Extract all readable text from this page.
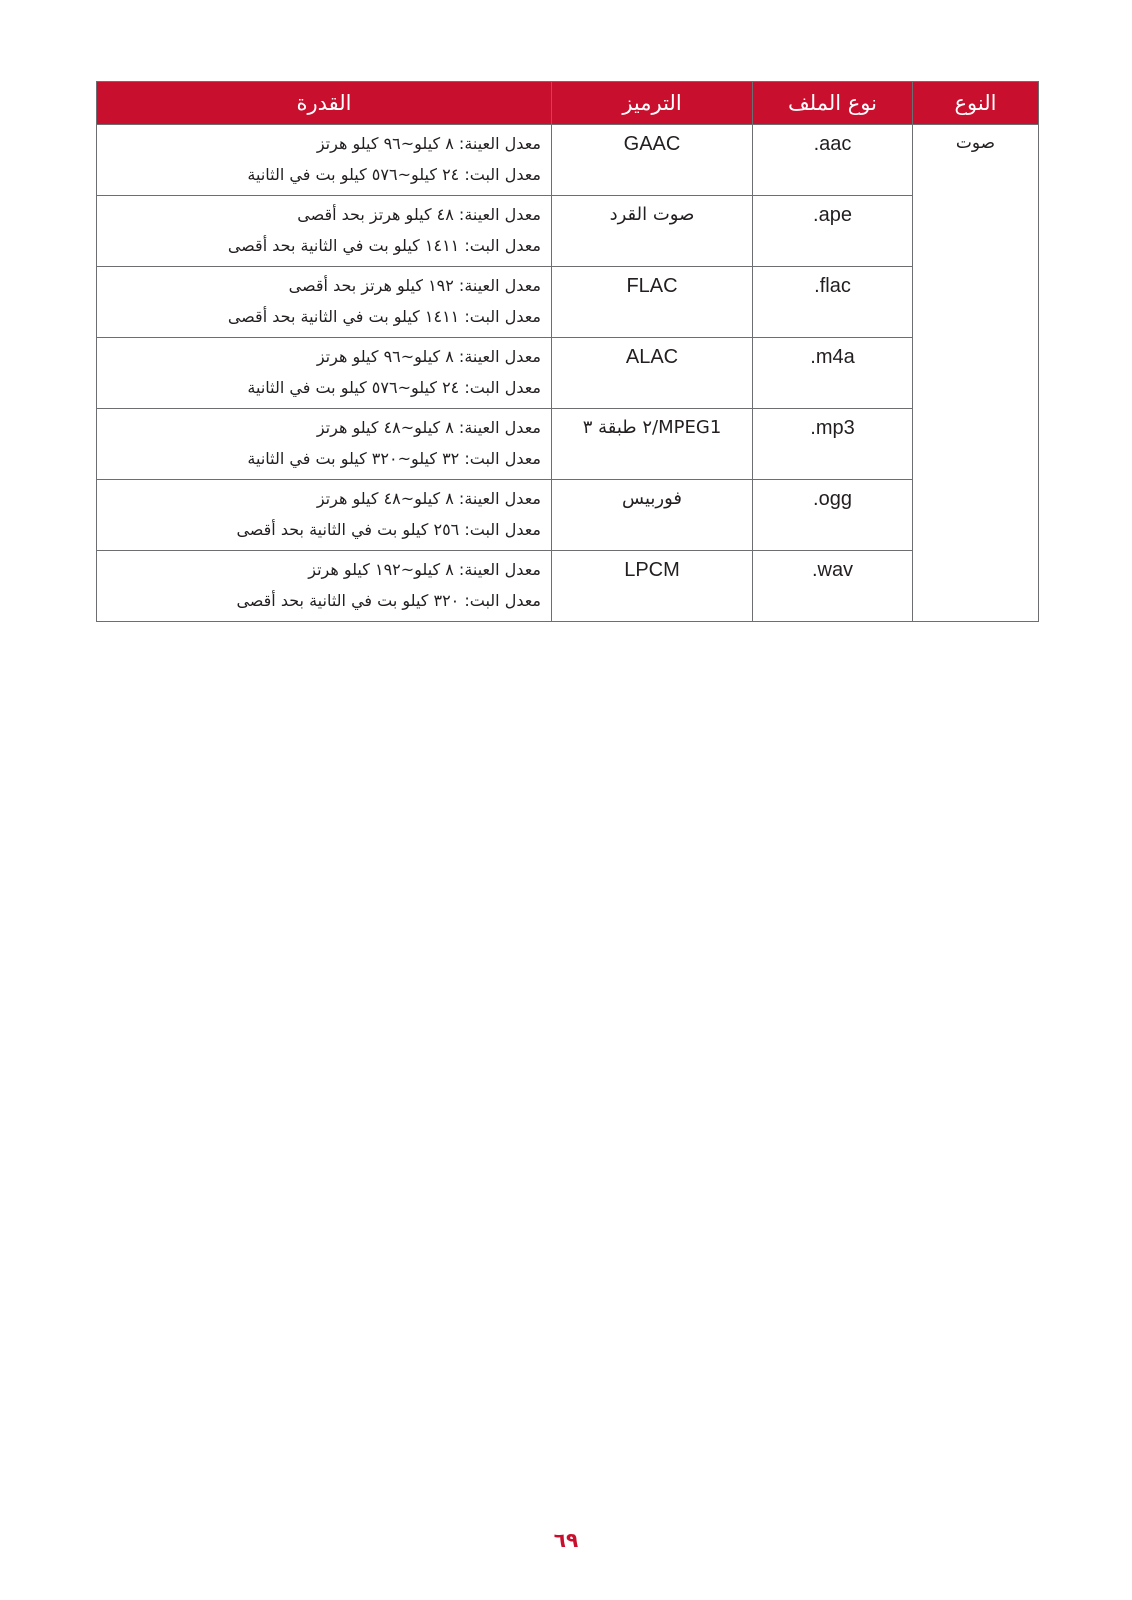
النوع	نوع الملف	الترميز	القدرة
صوت	.aac	GAAC	معدل العينة: ٨ كيلو~٩٦ كيلو هرتز
معدل البت: ٢٤ كيلو~٥٧٦ كيلو بت في الثانية

	.ape	صوت القرد	معدل العينة: ٤٨ كيلو هرتز بحد أقصى
معدل البت: ١٤١١ كيلو بت في الثانية بحد أقصى

	.flac	FLAC	معدل العينة: ١٩٢ كيلو هرتز بحد أقصى
معدل البت: ١٤١١ كيلو بت في الثانية بحد أقصى

	.m4a	ALAC	معدل العينة: ٨ كيلو~٩٦ كيلو هرتز
معدل البت: ٢٤ كيلو~٥٧٦ كيلو بت في الثانية

	.mp3	MPEG1/٢ طبقة ٣	معدل العينة: ٨ كيلو~٤٨ كيلو هرتز
معدل البت: ٣٢ كيلو~٣٢٠ كيلو بت في الثانية

	.ogg	فوربيس	معدل العينة: ٨ كيلو~٤٨ كيلو هرتز
معدل البت: ٢٥٦ كيلو بت في الثانية بحد أقصى

	.wav	LPCM	معدل العينة: ٨ كيلو~١٩٢ كيلو هرتز
معدل البت: ٣٢٠ كيلو بت في الثانية بحد أقصى
٦٩
